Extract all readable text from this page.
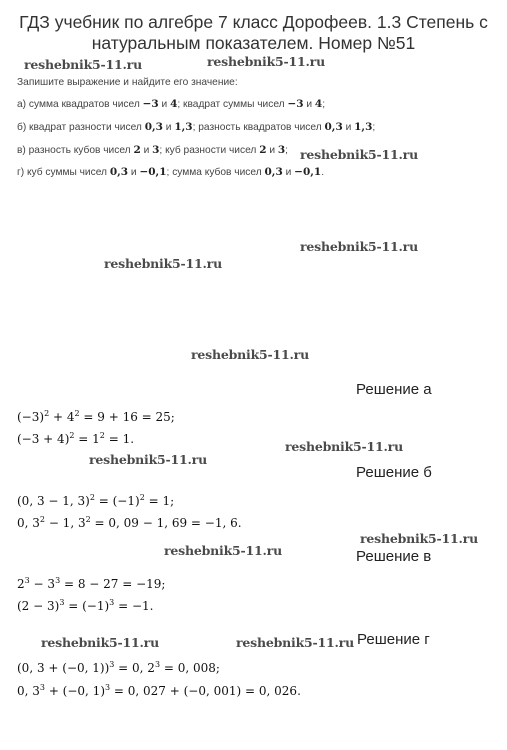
ГДЗ учебник по алгебре 7 класс Дорофеев. 1.3 Степень с натуральным показателем. Номер №51
Запишите выражение и найдите его значение:
а) сумма квадратов чисел −3 и 4; квадрат суммы чисел −3 и 4;
б) квадрат разности чисел 0,3 и 1,3; разность квадратов чисел 0,3 и 1,3;
в) разность кубов чисел 2 и 3; куб разности чисел 2 и 3;
г) куб суммы чисел 0,3 и −0,1; сумма кубов чисел 0,3 и −0,1.
reshebnik5-11.ru	reshebnik5-11.ru
reshebnik5-11.ru
reshebnik5-11.ru
reshebnik5-11.ru
reshebnik5-11.ru
reshebnik5-11.ru
reshebnik5-11.ru
reshebnik5-11.ru
reshebnik5-11.ru
reshebnik5-11.ru	reshebnik5-11.ru
Решение а
$(-3)^2 + 4^2 = 9 + 16 = 25$;
$(-3 + 4)^2 = 1^2 = 1$.
Решение б
(0, 3 − 1, $3)^2 = (-1)^2 = 1$;
0, $3^2 - 1$, $3^2 = 0$, 09 − 1, 69 = −1, 6.
Решение в
$2^3 - 3^3 = 8 - 27 = -19$;
$(2 - 3)^3 = (-1)^3 = -1$.
Решение г
(0, 3 + (−0, 1))$^3$ = 0, $2^3 = 0$, 008;
0, $3^3 + (-0$, 1)$^3$ = 0, 027 + (−0, 001) = 0, 026.
